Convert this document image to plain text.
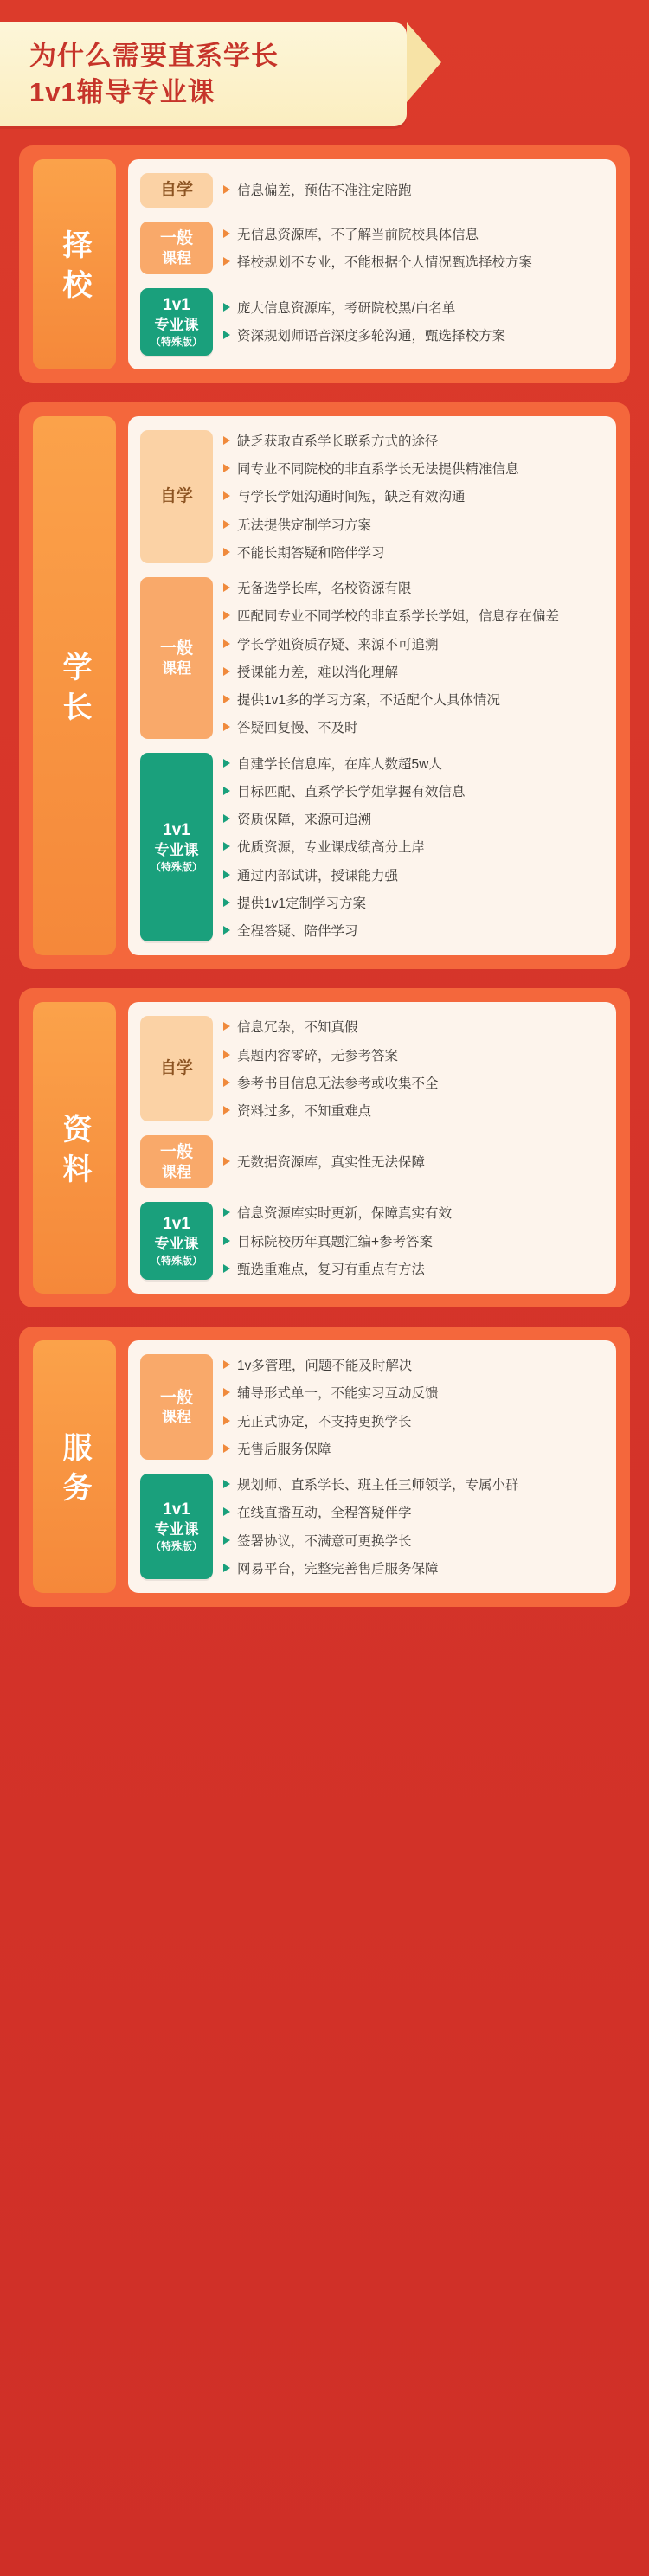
为什么需要直系学长
1v1辅导专业课
择校
自学	信息偏差，预估不准注定陪跑
一般
课程
无信息资源库，不了解当前院校具体信息
择校规划不专业，不能根据个人情况甄选择校方案
1v1
专业课
（特殊版）
庞大信息资源库，考研院校黑/白名单
资深规划师语音深度多轮沟通，甄选择校方案
学长
自学
缺乏获取直系学长联系方式的途径
同专业不同院校的非直系学长无法提供精准信息
与学长学姐沟通时间短，缺乏有效沟通
无法提供定制学习方案
不能长期答疑和陪伴学习
一般
课程
无备选学长库，名校资源有限
匹配同专业不同学校的非直系学长学姐，信息存在偏差
学长学姐资质存疑、来源不可追溯
授课能力差，难以消化理解
提供1v1多的学习方案，不适配个人具体情况
答疑回复慢、不及时
1v1
专业课
（特殊版）
自建学长信息库，在库人数超5w人
目标匹配、直系学长学姐掌握有效信息
资质保障，来源可追溯
优质资源，专业课成绩高分上岸
通过内部试讲，授课能力强
提供1v1定制学习方案
全程答疑、陪伴学习
资料
自学
信息冗杂，不知真假
真题内容零碎，无参考答案
参考书目信息无法参考或收集不全
资料过多，不知重难点
一般
课程
无数据资源库，真实性无法保障
1v1
专业课
（特殊版）
信息资源库实时更新，保障真实有效
目标院校历年真题汇编+参考答案
甄选重难点，复习有重点有方法
服务
一般
课程
1v多管理，问题不能及时解决
辅导形式单一，不能实习互动反馈
无正式协定，不支持更换学长
无售后服务保障
1v1
专业课
（特殊版）
规划师、直系学长、班主任三师领学，专属小群
在线直播互动，全程答疑伴学
签署协议，不满意可更换学长
网易平台，完整完善售后服务保障
